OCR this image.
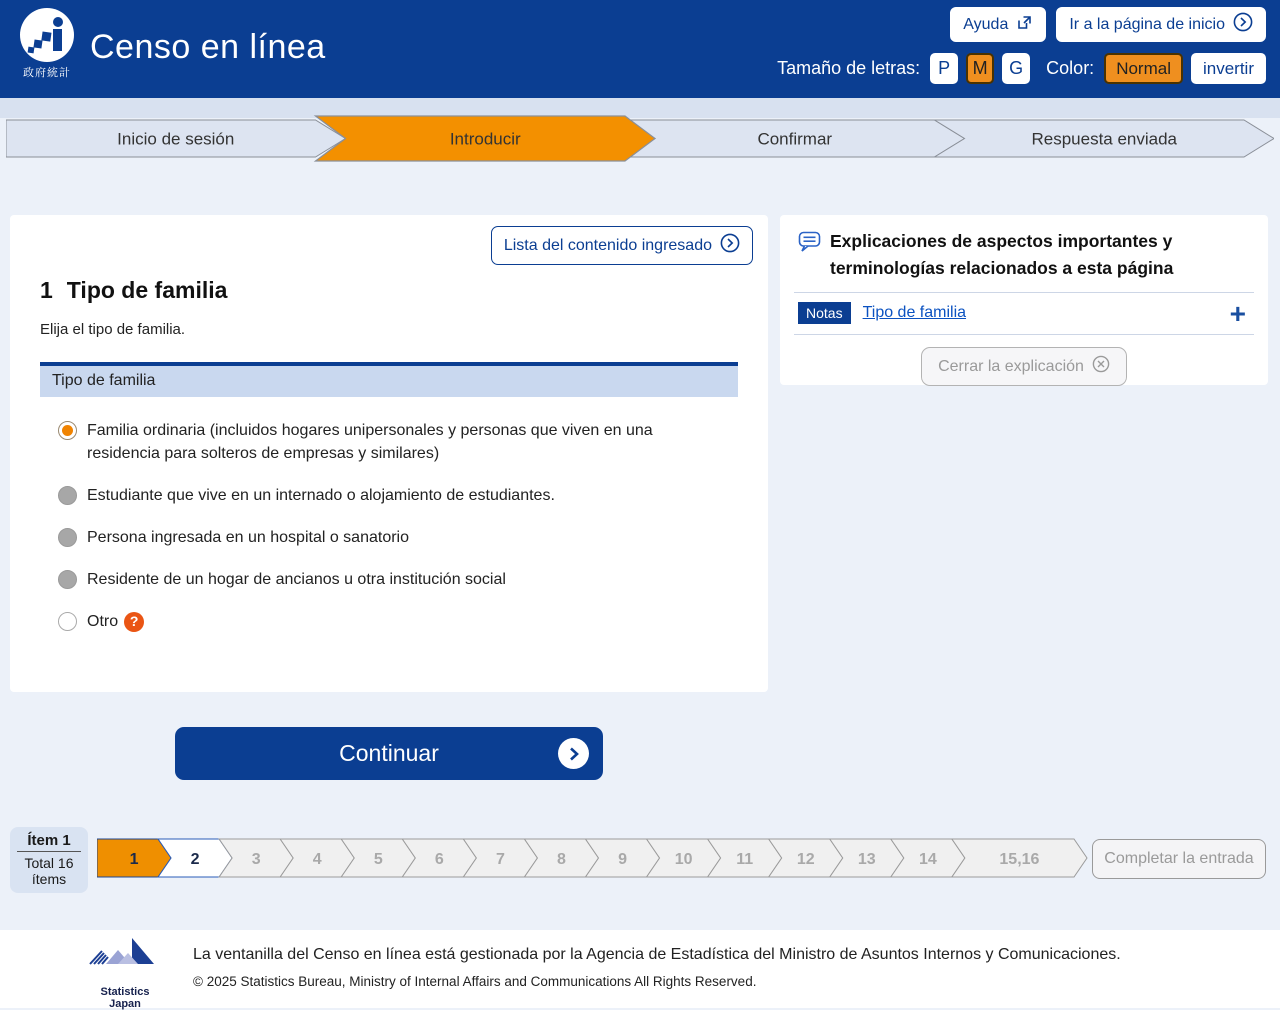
政府統計
Censo en línea
Ayuda	Ir a la página de inicio
Tamaño de letras: P	M	G	Color:	Normal	invertir
Inicio de sesión	Introducir	Confirmar	Respuesta enviada
Lista del contenido ingresado
1 Tipo de familia
Elija el tipo de familia.
Tipo de familia
Familia ordinaria (incluidos hogares unipersonales y personas que viven en una residencia para solteros de empresas y similares)
Estudiante que vive en un internado o alojamiento de estudiantes.
Persona ingresada en un hospital o sanatorio
Residente de un hogar de ancianos u otra institución social
Otro ?
Continuar
Explicaciones de aspectos importantes y terminologías relacionados a esta página
Notas	Tipo de familia	+
Cerrar la explicación
Ítem 1
Total 16
ítems
1	2	3	4	5	6	7	8	9	10	11	12	13	14	15,16	Completar la entrada
Statistics Japan
La ventanilla del Censo en línea está gestionada por la Agencia de Estadística del Ministro de Asuntos Internos y Comunicaciones.
© 2025 Statistics Bureau, Ministry of Internal Affairs and Communications All Rights Reserved.
